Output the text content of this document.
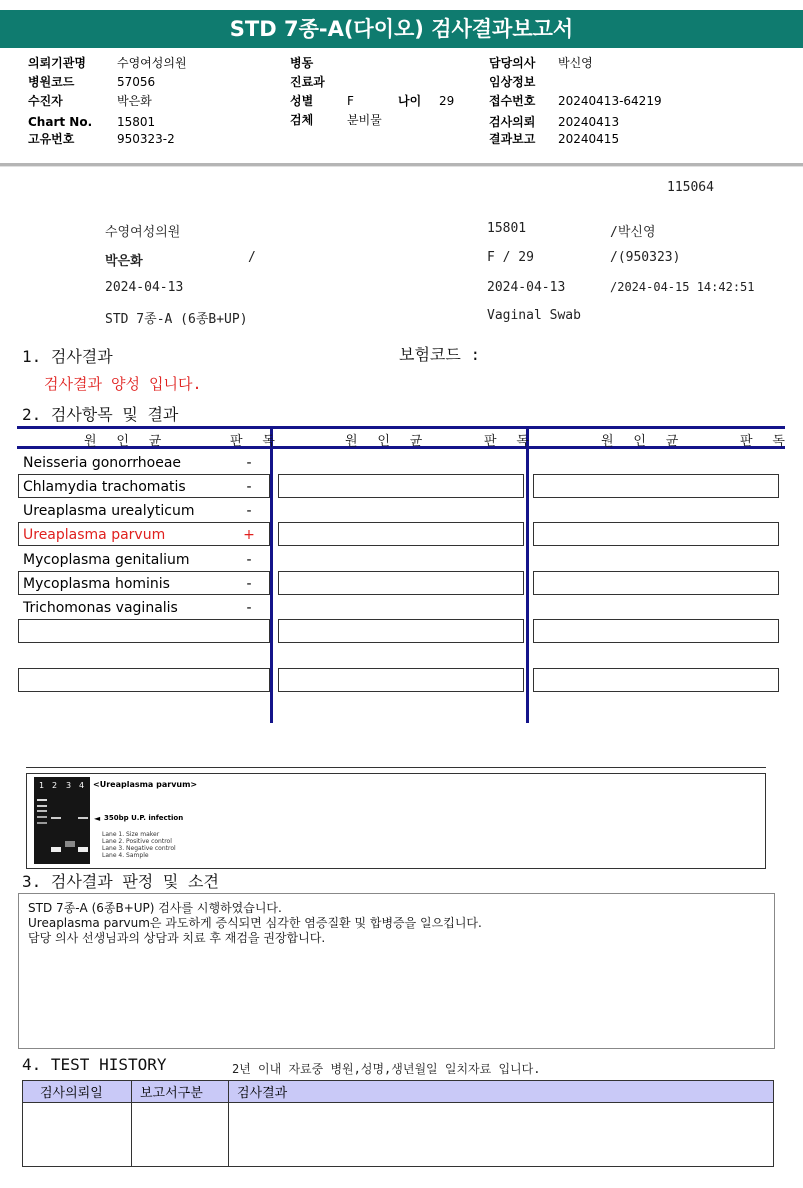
STD 7종-A(다이오) 검사결과보고서
의뢰기관명	수영여성의원
병원코드	57056
수진자	박은화
Chart No. 15801
고유번호	950323-2
병동
진료과
성별	F	나이 29
검체	분비물
담당의사 박신영
임상정보
접수번호 20240413-64219
검사의뢰 20240413
결과보고 20240415
115064
수영여성의원	15801	/박신영
박은화	/	F / 29	/(950323)
2024-04-13	2024-04-13	/2024-04-15 14:42:51
STD 7종-A (6종B+UP)	Vaginal Swab
1. 검사결과	보험코드 :
검사결과 양성 입니다.
2. 검사항목 및 결과
원 인 균	판 독	원 인 균	판 독	원 인 균	판 독
Neisseria gonorrhoeae	-
Chlamydia trachomatis	-
Ureaplasma urealyticum	-
Ureaplasma parvum	+
Mycoplasma genitalium	-
Mycoplasma hominis	-
Trichomonas vaginalis	-
1 2 3 4 <Ureaplasma parvum>
◄ 350bp U.P. infection
Lane 1. Size maker
Lane 2. Positive control
Lane 3. Negative control
Lane 4. Sample
3. 검사결과 판정 및 소견
STD 7종-A (6종B+UP) 검사를 시행하였습니다.
Ureaplasma parvum은 과도하게 증식되면 심각한 염증질환 및 합병증을 일으킵니다.
담당 의사 선생님과의 상담과 치료 후 재검을 권장합니다.
4. TEST HISTORY	2년 이내 자료중 병원,성명,생년월일 일치자료 입니다.
검사의뢰일	보고서구분	검사결과
